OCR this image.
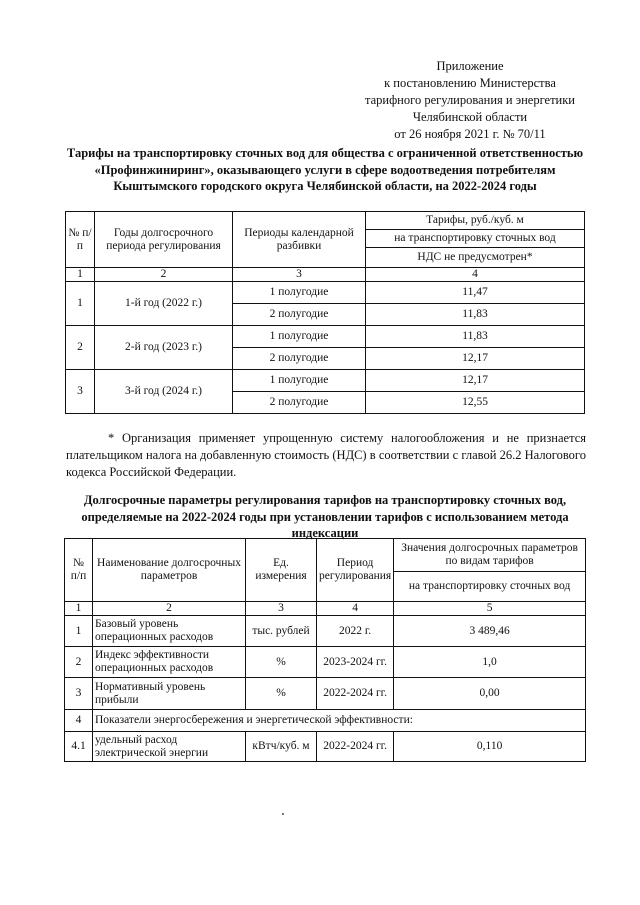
Приложение
к постановлению Министерства
тарифного регулирования и энергетики
Челябинской области
от 26 ноября 2021 г. № 70/11
Тарифы на транспортировку сточных вод для общества с ограниченной ответственностью «Профинжиниринг», оказывающего услуги в сфере водоотведения потребителям Кыштымского городского округа Челябинской области, на 2022-2024 годы
№ п/п	Годы долгосрочного периода регулирования	Периоды календарной разбивки	Тарифы, руб./куб. м
			на транспортировку сточных вод
			НДС не предусмотрен*
1	2	3	4
1	1-й год (2022 г.)	1 полугодие	11,47
		2 полугодие	11,83
2	2-й год (2023 г.)	1 полугодие	11,83
		2 полугодие	12,17
3	3-й год (2024 г.)	1 полугодие	12,17
		2 полугодие	12,55
* Организация применяет упрощенную систему налогообложения и не признается плательщиком налога на добавленную стоимость (НДС) в соответствии с главой 26.2 Налогового кодекса Российской Федерации.
Долгосрочные параметры регулирования тарифов на транспортировку сточных вод, определяемые на 2022-2024 годы при установлении тарифов с использованием метода индексации
№ п/п	Наименование долгосрочных параметров	Ед. измерения	Период регулирования	Значения долгосрочных параметров по видам тарифов
				на транспортировку сточных вод
1	2	3	4	5
1	Базовый уровень операционных расходов	тыс. рублей	2022 г.	3 489,46
2	Индекс эффективности операционных расходов	%	2023-2024 гг.	1,0
3	Нормативный уровень прибыли	%	2022-2024 гг.	0,00
4	Показатели энергосбережения и энергетической эффективности:			
4.1	удельный расход электрической энергии	кВтч/куб. м	2022-2024 гг.	0,110
